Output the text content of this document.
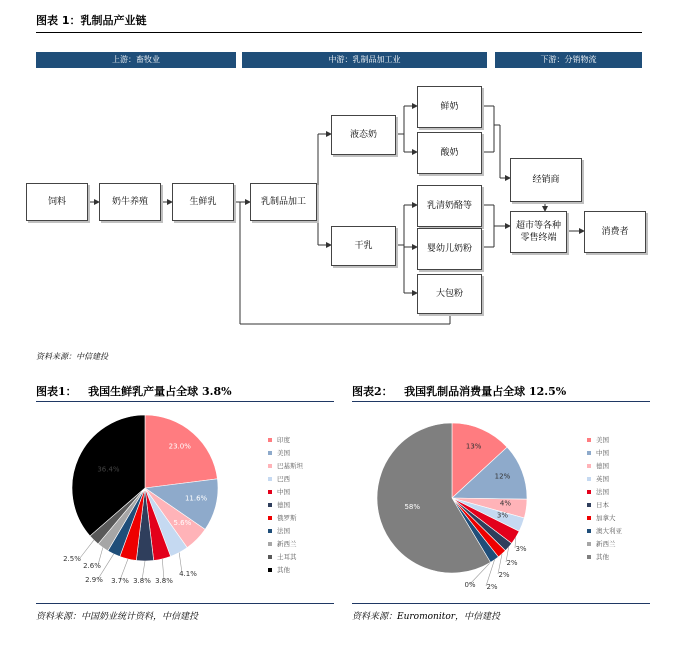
图表 1：乳制品产业链
上游：畜牧业	中游：乳制品加工业	下游：分销物流
饲料	奶牛养殖	生鲜乳	乳制品加工
液态奶
干乳
鲜奶
酸奶
乳清奶酪等
婴幼儿奶粉
大包粉
经销商
超市等各种
零售终端
消费者
资料来源：中信建投
图表1： 我国生鲜乳产量占全球 3.8%	图表2： 我国乳制品消费量占全球 12.5%
23.0%
11.6%
5.6%
4.1%
3.8%
3.8%
3.7%
2.9%
2.6%
2.5%
36.4%
13%
12%
4%
3%
3%
2%
2%
2%
0%
58%
印度
美国
巴基斯坦
巴西
中国
德国
俄罗斯
法国
新西兰
土耳其
其他
美国
中国
德国
英国
法国
日本
加拿大
澳大利亚
新西兰
其他
资料来源：中国奶业统计资料，中信建投	资料来源：Euromonitor，中信建投
